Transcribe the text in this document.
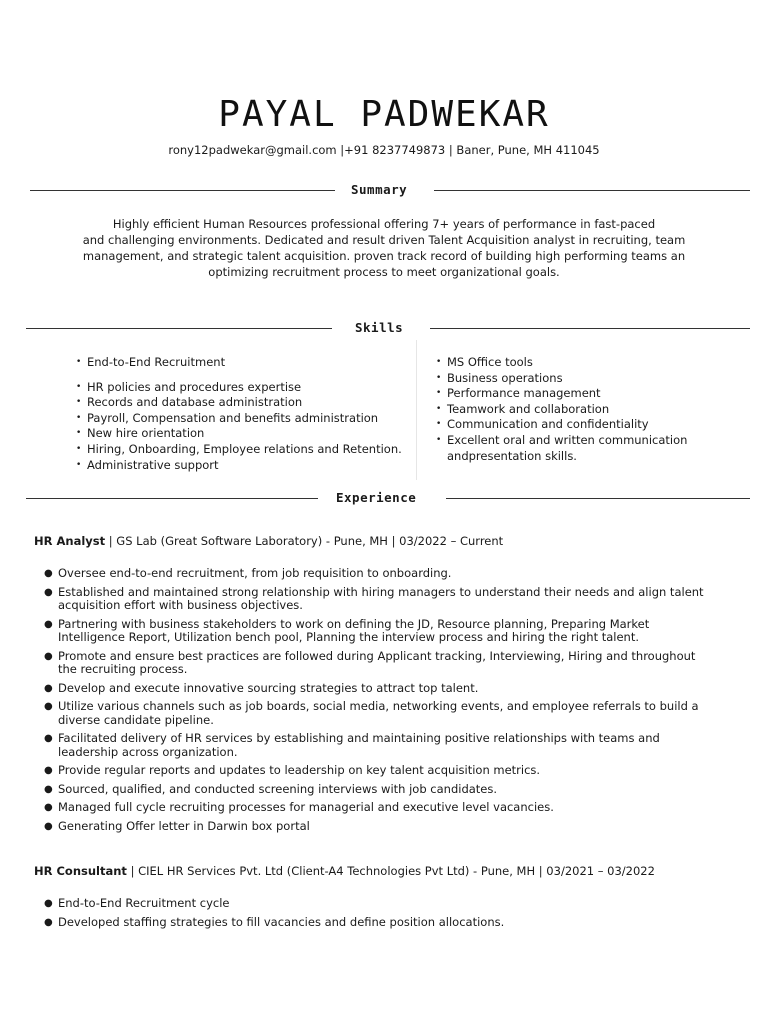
PAYAL PADWEKAR
rony12padwekar@gmail.com |+91 8237749873 | Baner, Pune, MH 411045
Summary
Highly efficient Human Resources professional offering 7+ years of performance in fast-paced
and challenging environments. Dedicated and result driven Talent Acquisition analyst in recruiting, team
management, and strategic talent acquisition. proven track record of building high performing teams an
optimizing recruitment process to meet organizational goals.
Skills
• End-to-End Recruitment
• HR policies and procedures expertise
• Records and database administration
• Payroll, Compensation and benefits administration
• New hire orientation
• Hiring, Onboarding, Employee relations and Retention.
• Administrative support
• MS Office tools
• Business operations
• Performance management
• Teamwork and collaboration
• Communication and confidentiality
• Excellent oral and written communication
andpresentation skills.
Experience
HR Analyst | GS Lab (Great Software Laboratory) - Pune, MH | 03/2022 – Current
● Oversee end-to-end recruitment, from job requisition to onboarding.
● Established and maintained strong relationship with hiring managers to understand their needs and align talent acquisition effort with business objectives.
● Partnering with business stakeholders to work on defining the JD, Resource planning, Preparing Market Intelligence Report, Utilization bench pool, Planning the interview process and hiring the right talent.
● Promote and ensure best practices are followed during Applicant tracking, Interviewing, Hiring and throughout the recruiting process.
● Develop and execute innovative sourcing strategies to attract top talent.
● Utilize various channels such as job boards, social media, networking events, and employee referrals to build a diverse candidate pipeline.
● Facilitated delivery of HR services by establishing and maintaining positive relationships with teams and leadership across organization.
● Provide regular reports and updates to leadership on key talent acquisition metrics.
● Sourced, qualified, and conducted screening interviews with job candidates.
● Managed full cycle recruiting processes for managerial and executive level vacancies.
● Generating Offer letter in Darwin box portal
HR Consultant | CIEL HR Services Pvt. Ltd (Client-A4 Technologies Pvt Ltd) - Pune, MH | 03/2021 – 03/2022
● End-to-End Recruitment cycle
● Developed staffing strategies to fill vacancies and define position allocations.
